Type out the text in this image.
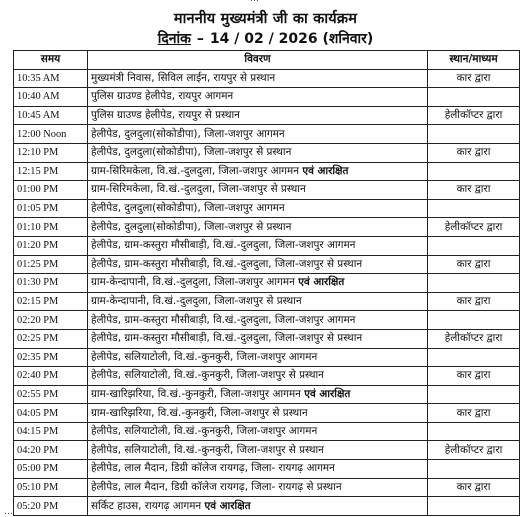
माननीय मुख्यमंत्री जी का कार्यक्रम
दिनांक – 14 / 02 / 2026 (शनिवार)
समय	विवरण	स्थान/माध्यम
10:35 AM	मुख्यमंत्री निवास, सिविल लाईन, रायपुर से प्रस्थान	कार द्वारा
10:40 AM	पुलिस ग्राउण्ड हेलीपेड, रायपुर आगमन	
10:45 AM	पुलिस ग्राउण्ड हेलीपेड, रायपुर से प्रस्थान	हेलीकॉप्टर द्वारा
12:00 Noon	हेलीपेड, दुलदुला(सोकोडीपा), जिला-जशपुर आगमन	
12:10 PM	हेलीपेड, दुलदुला(सोकोडीपा), जिला-जशपुर से प्रस्थान	कार द्वारा
12:15 PM	ग्राम-सिरिमकेला, वि.खं.-दुलदुला, जिला-जशपुर आगमन एवं आरक्षित	
01:00 PM	ग्राम-सिरिमकेला, वि.खं.-दुलदुला, जिला-जशपुर से प्रस्थान	कार द्वारा
01:05 PM	हेलीपेड, दुलदुला(सोकोडीपा), जिला-जशपुर आगमन	
01:10 PM	हेलीपेड, दुलदुला(सोकोडीपा), जिला-जशपुर से प्रस्थान	हेलीकॉप्टर द्वारा
01:20 PM	हेलीपेड, ग्राम-कस्तुरा मौसीबाड़ी, वि.खं.-दुलदुला, जिला-जशपुर आगमन	
01:25 PM	हेलीपेड, ग्राम-कस्तुरा मौसीबाड़ी, वि.खं.-दुलदुला, जिला-जशपुर से प्रस्थान	कार द्वारा
01:30 PM	ग्राम-केन्दापानी, वि.खं.-दुलदुला, जिला-जशपुर आगमन एवं आरक्षित	
02:15 PM	ग्राम-केन्दापानी, वि.खं.-दुलदुला, जिला-जशपुर से प्रस्थान	कार द्वारा
02:20 PM	हेलीपेड, ग्राम-कस्तुरा मौसीबाड़ी, वि.खं.-दुलदुला, जिला-जशपुर आगमन	
02:25 PM	हेलीपेड, ग्राम-कस्तुरा मौसीबाड़ी, वि.खं.-दुलदुला, जिला-जशपुर से प्रस्थान	हेलीकॉप्टर द्वारा
02:35 PM	हेलीपेड, सलियाटोली, वि.खं.-कुनकुरी, जिला-जशपुर आगमन	
02:40 PM	हेलीपेड, सलियाटोली, वि.खं.-कुनकुरी, जिला-जशपुर से प्रस्थान	कार द्वारा
02:55 PM	ग्राम-खारिझरिया, वि.खं.-कुनकुरी, जिला-जशपुर आगमन एवं आरक्षित	
04:05 PM	ग्राम-खारिझरिया, वि.खं.-कुनकुरी, जिला-जशपुर से प्रस्थान	कार द्वारा
04:15 PM	हेलीपेड, सलियाटोली, वि.खं.-कुनकुरी, जिला-जशपुर आगमन	
04:20 PM	हेलीपेड, सलियाटोली, वि.खं.-कुनकुरी, जिला-जशपुर से प्रस्थान	हेलीकॉप्टर द्वारा
05:00 PM	हेलीपेड, लाल मैदान, डिग्री कॉलेज रायगढ़, जिला- रायगढ़ आगमन	
05:10 PM	हेलीपेड, लाल मैदान, डिग्री कॉलेज रायगढ़, जिला- रायगढ़ से प्रस्थान	कार द्वारा
05:20 PM	सर्किट हाउस, रायगढ़ आगमन एवं आरक्षित	
…
